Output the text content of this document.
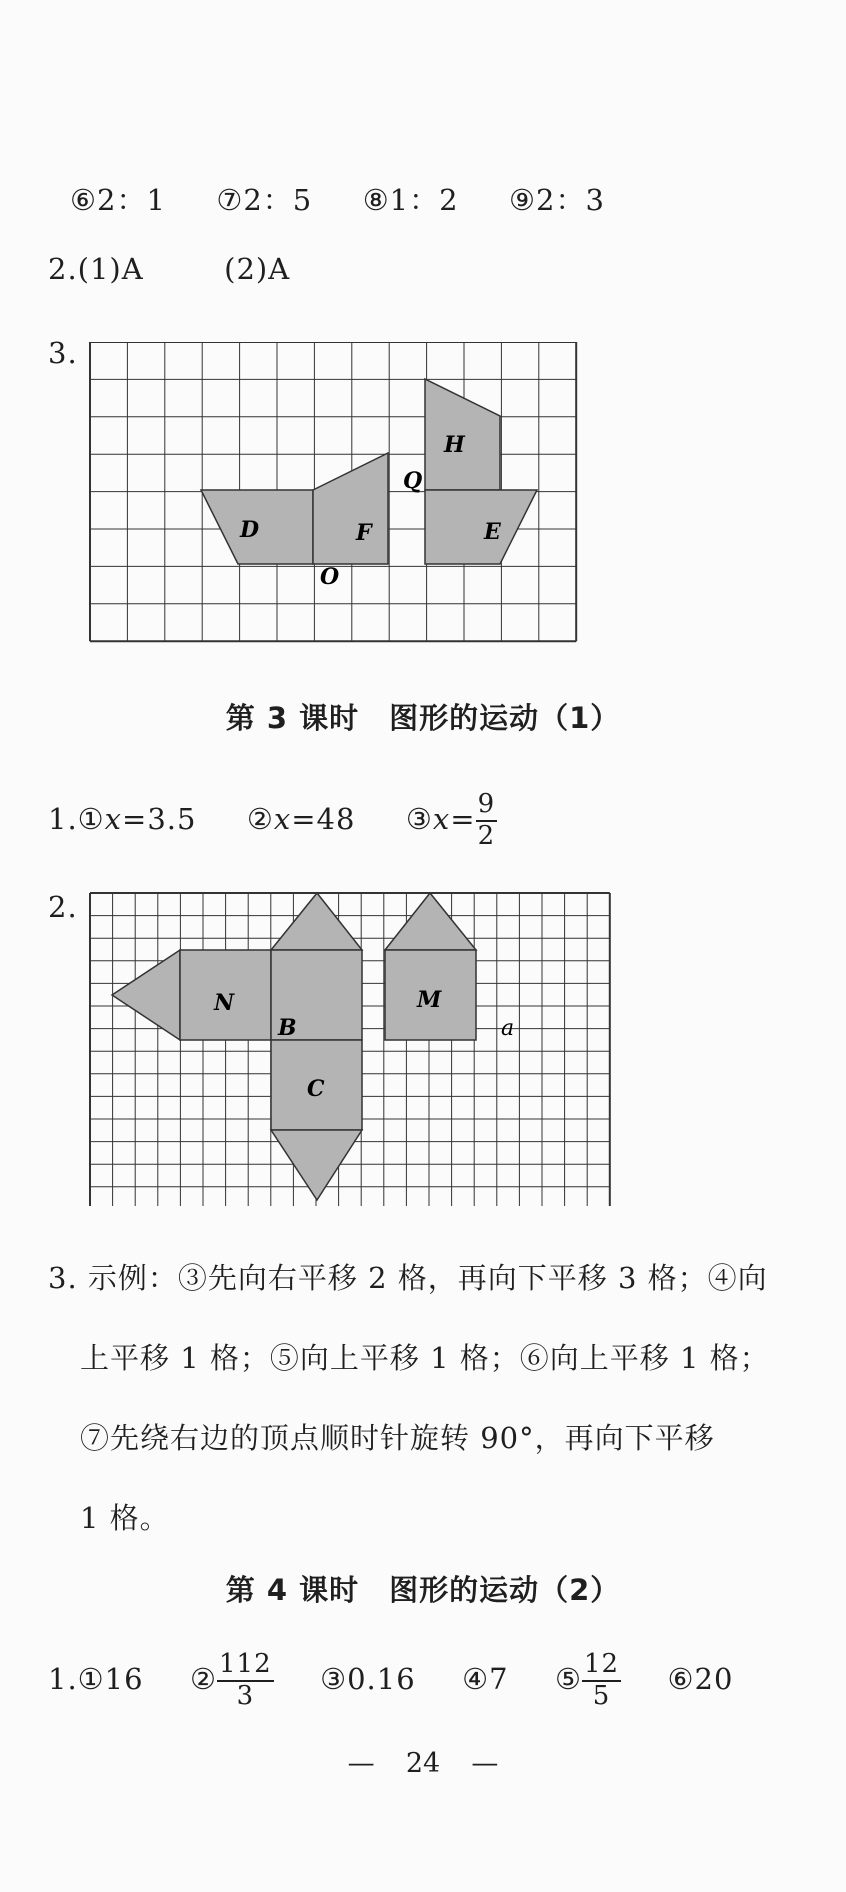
⑥2：1 ⑦2：5 ⑧1：2 ⑨2：3
2.(1)A	(2)A
3.
D	F
H
E
Q
O
第 3 课时　图形的运动（1）
1.①x=3.5 ②x=48 ③x= $\frac{9}{2}$
2.
N	M
B
C
a
3. 示例：③先向右平移 2 格，再向下平移 3 格；④向
上平移 1 格；⑤向上平移 1 格；⑥向上平移 1 格；
⑦先绕右边的顶点顺时针旋转 90°，再向下平移
1 格。
第 4 课时　图形的运动（2）
1.①16 ② $\frac{112}{3}$ ③0.16 ④7 ⑤ $\frac{12}{5}$ ⑥20
— 24 —
